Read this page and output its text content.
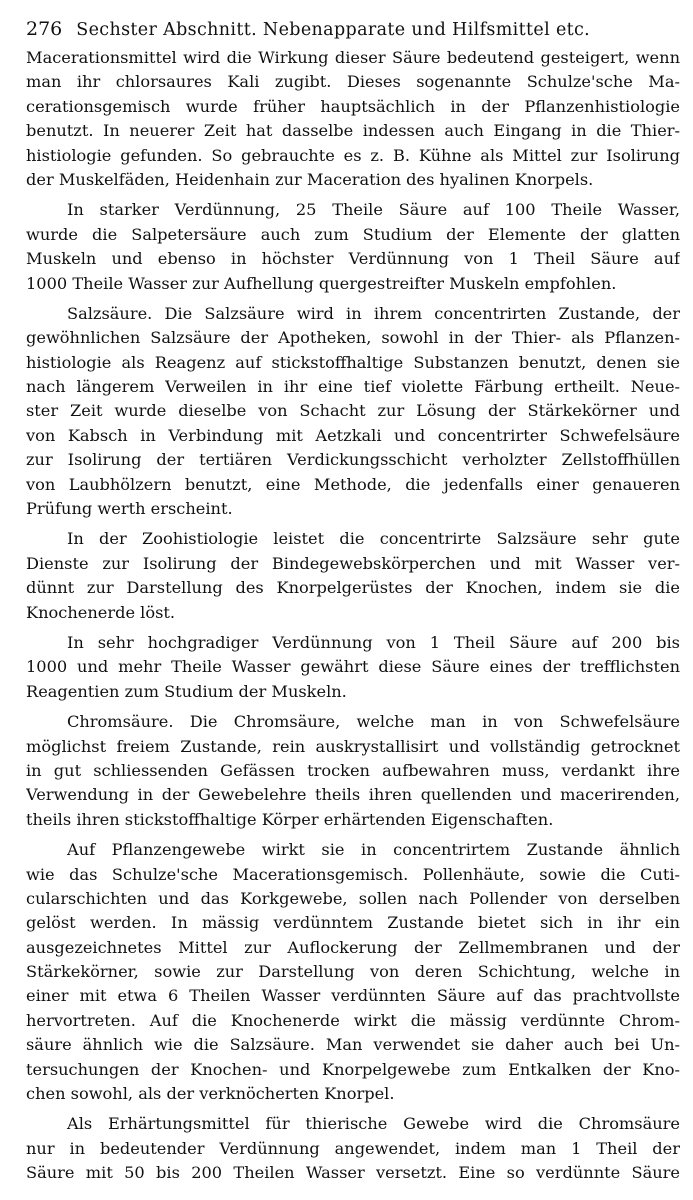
276 Sechster Abschnitt. Nebenapparate und Hilfsmittel etc.
Macerationsmittel wird die Wirkung dieser Säure bedeutend gesteigert, wenn
man ihr chlorsaures Kali zugibt. Dieses sogenannte Schulze'sche Ma-
cerationsgemisch wurde früher hauptsächlich in der Pflanzenhistiologie
benutzt. In neuerer Zeit hat dasselbe indessen auch Eingang in die Thier-
histiologie gefunden. So gebrauchte es z. B. Kühne als Mittel zur Isolirung
der Muskelfäden, Heidenhain zur Maceration des hyalinen Knorpels.
In starker Verdünnung, 25 Theile Säure auf 100 Theile Wasser,
wurde die Salpetersäure auch zum Studium der Elemente der glatten
Muskeln und ebenso in höchster Verdünnung von 1 Theil Säure auf
1000 Theile Wasser zur Aufhellung quergestreifter Muskeln empfohlen.
Salzsäure. Die Salzsäure wird in ihrem concentrirten Zustande, der
gewöhnlichen Salzsäure der Apotheken, sowohl in der Thier- als Pflanzen-
histiologie als Reagenz auf stickstoffhaltige Substanzen benutzt, denen sie
nach längerem Verweilen in ihr eine tief violette Färbung ertheilt. Neue-
ster Zeit wurde dieselbe von Schacht zur Lösung der Stärkekörner und
von Kabsch in Verbindung mit Aetzkali und concentrirter Schwefelsäure
zur Isolirung der tertiären Verdickungsschicht verholzter Zellstoffhüllen
von Laubhölzern benutzt, eine Methode, die jedenfalls einer genaueren
Prüfung werth erscheint.
In der Zoohistiologie leistet die concentrirte Salzsäure sehr gute
Dienste zur Isolirung der Bindegewebskörperchen und mit Wasser ver-
dünnt zur Darstellung des Knorpelgerüstes der Knochen, indem sie die
Knochenerde löst.
In sehr hochgradiger Verdünnung von 1 Theil Säure auf 200 bis
1000 und mehr Theile Wasser gewährt diese Säure eines der trefflichsten
Reagentien zum Studium der Muskeln.
Chromsäure. Die Chromsäure, welche man in von Schwefelsäure
möglichst freiem Zustande, rein auskrystallisirt und vollständig getrocknet
in gut schliessenden Gefässen trocken aufbewahren muss, verdankt ihre
Verwendung in der Gewebelehre theils ihren quellenden und macerirenden,
theils ihren stickstoffhaltige Körper erhärtenden Eigenschaften.
Auf Pflanzengewebe wirkt sie in concentrirtem Zustande ähnlich
wie das Schulze'sche Macerationsgemisch. Pollenhäute, sowie die Cuti-
cularschichten und das Korkgewebe, sollen nach Pollender von derselben
gelöst werden. In mässig verdünntem Zustande bietet sich in ihr ein
ausgezeichnetes Mittel zur Auflockerung der Zellmembranen und der
Stärkekörner, sowie zur Darstellung von deren Schichtung, welche in
einer mit etwa 6 Theilen Wasser verdünnten Säure auf das prachtvollste
hervortreten. Auf die Knochenerde wirkt die mässig verdünnte Chrom-
säure ähnlich wie die Salzsäure. Man verwendet sie daher auch bei Un-
tersuchungen der Knochen- und Knorpelgewebe zum Entkalken der Kno-
chen sowohl, als der verknöcherten Knorpel.
Als Erhärtungsmittel für thierische Gewebe wird die Chromsäure
nur in bedeutender Verdünnung angewendet, indem man 1 Theil der
Säure mit 50 bis 200 Theilen Wasser versetzt. Eine so verdünnte Säure
